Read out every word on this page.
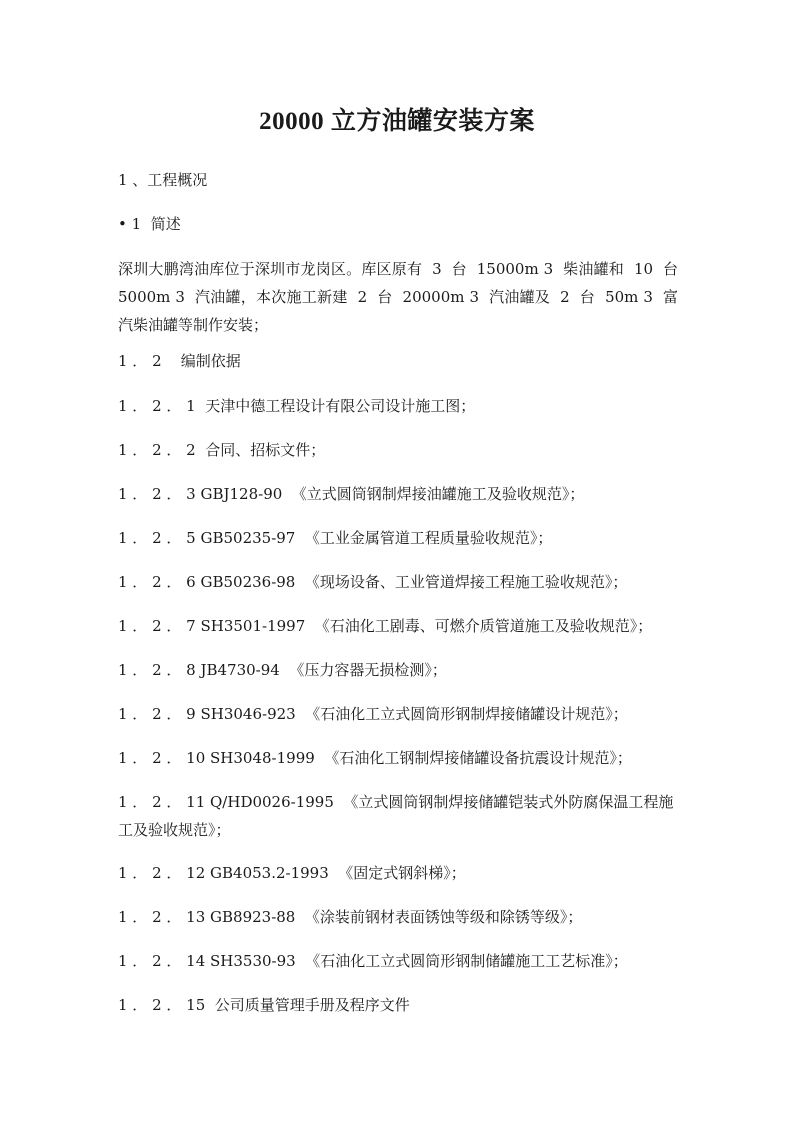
20000 立方油罐安装方案

1 、工程概况

• 1  简述

深圳大鹏湾油库位于深圳市龙岗区。库区原有  3  台  15000m 3  柴油罐和  10  台  5000m 3  汽油罐，本次施工新建  2  台  20000m 3  汽油罐及  2  台  50m 3  富汽柴油罐等制作安装；

1 ． 2    编制依据

1 ． 2 ． 1  天津中德工程设计有限公司设计施工图；

1 ． 2 ． 2  合同、招标文件；

1 ． 2 ． 3 GBJ128-90  《立式圆筒钢制焊接油罐施工及验收规范》；

1 ． 2 ． 5 GB50235-97  《工业金属管道工程质量验收规范》；

1 ． 2 ． 6 GB50236-98  《现场设备、工业管道焊接工程施工验收规范》；

1 ． 2 ． 7 SH3501-1997  《石油化工剧毒、可燃介质管道施工及验收规范》；

1 ． 2 ． 8 JB4730-94  《压力容器无损检测》；

1 ． 2 ． 9 SH3046-923  《石油化工立式圆筒形钢制焊接储罐设计规范》；

1 ． 2 ． 10 SH3048-1999  《石油化工钢制焊接储罐设备抗震设计规范》；

1 ． 2 ． 11 Q/HD0026-1995  《立式圆筒钢制焊接储罐铠装式外防腐保温工程施工及验收规范》；

1 ． 2 ． 12 GB4053.2-1993  《固定式钢斜梯》；

1 ． 2 ． 13 GB8923-88  《涂装前钢材表面锈蚀等级和除锈等级》；

1 ． 2 ． 14 SH3530-93  《石油化工立式圆筒形钢制储罐施工工艺标准》；

1 ． 2 ． 15  公司质量管理手册及程序文件
